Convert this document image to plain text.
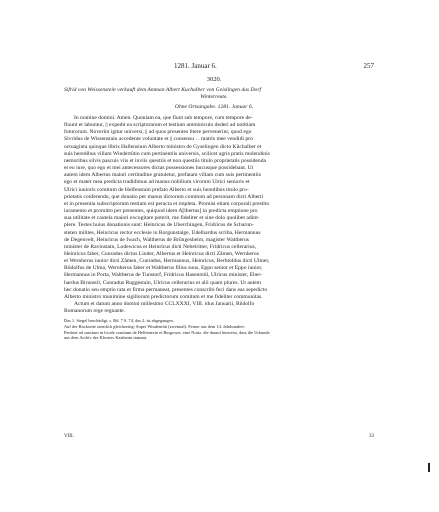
1281. Januar 6.	257
3020.
Sifrid von Weissenstein verkauft dem Amman Albert Kuchalber von Geislingen das Dorf
Winterreute.
Ohne Ortsangabe. 1281. Januar 6.
In nomine domini. Amen. Quoniam ea, que fiunt sub tempore, cum tempore de-
fluunt et labuntur, || expedit ea scripturarum et testium amminiculo dederi ad notitiam
futurorum. Noverint igitur universi, || ad quos presentes litere pervenerint, quod ego
Sivridus de Wissenstain accedente voluntate et || consensu . . matris mee vendidi pro
octuaginta quinque libris Hallensium Alberto ministro de Gyselingen dicto Kûchalber et
suis heredibus villam Windertûtin cum pertinentiis universis, scilicet agris pratis molendinis
nemoribus silvis pascuis viis et inviis questiis et non questiis titulo proprietatis possidenda
et eo iure, quo ego et mei antecessores dictas possessiones hucusque possidebant. Ut
autem idem Albertus maiori certitudine gratuletur, prefatam villam cum suis pertinentiis
ego et mater mea predicta tradidimus ad manus nobilium virorum Ulrici senioris et
Ulrici iunioris comitum de Helfenstain prefato Alberto et suis heredibus titulo pro-
prietatis conferendo, que donatio per manus dictorum comitum ad personam dicti Alberti
et in presentia subscriptorum testium est peracta et impleta. Promisi etiam corporali prestito
iuramento et promitto per presentes, quiquod idem A[lbertus] in predicta emptione pro
sua utilitate et cautela maiori excogitare poterit, me fideliter et sine dolo quolibet adim-
plere. Testes huius donationis sunt: Heinricus de Uberchingen, Fridricus de Scharun-
steten milites, Heinricus rector ecclesie in Rorgunstaige, Ûdelhardus scriba, Hermannus
de Degenvelt, Heinricus de Iwach, Waltherus de Brûngesheim, magister Waltherus
minister de Ravinstain, Lodewicus et Heinricus dicti Nebelritter, Fridricus cellerarius,
Heinricus faber, Cunradus dictus Linder, Albertus et Heinricus dicti Zâmen, Wernherus
et Wernherus iunior dicti Zâmen, Cunradus, Hermannus, Heinricus, Berhtoldus dicti Ulmer,
Rûdolfus de Ulma, Wernherus faber et Waltherus filius suus, Eppo senior et Eppo iunior,
Hermannus in Porta, Waltherus de Tunstorf, Fridricus Hasenmûl, Ulricus minister, Eber-
hardus Birunstil, Cunradus Ruggestain, Ulricus cellerarius et alii quam plures. Ut autem
hec donatio seu emptio rata et firma permaneat, presentes conscribi feci dans eas sepedicto
Alberto ministro munimine sigillorum predictorum comitum et me fideliter communitas.
Actum et datum anno domini millesimo CCLXXXI, VIII. idus Januarii, Rûdolfo
Romanorum rege regnante.
Das 1. Siegel beschädigt, s. Bd. 7 S. 74, das 2. ist abgegangen.
Auf der Rückseite ziemlich gleichzeitig: Super Windenrûti (zweimal). Ferner aus dem 14. Jahrhundert:
Pertinet ad sanctum in locale comitum de Helfenstein et Burgower, eine Notiz, die darauf hinweist, dass die Urkunde
aus dem Archiv des Klosters Kaisheim stammt.
VIII.	33
